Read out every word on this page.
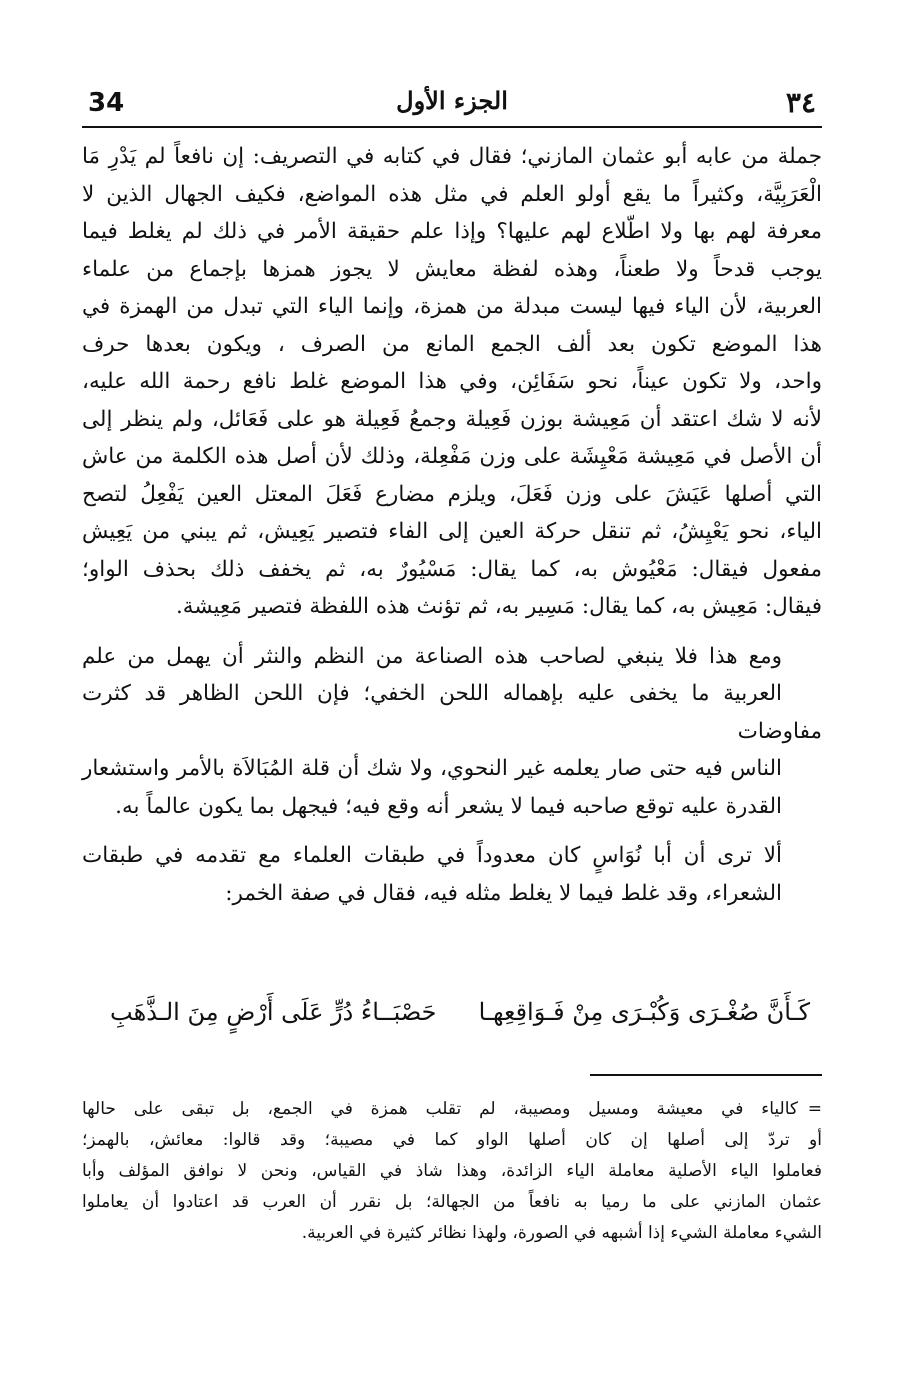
34	الجزء الأول	٣٤

جملة من عابه أبو عثمان المازني؛ فقال في كتابه في التصريف: إن نافعاً لم يَدْرِ مَا
الْعَرَبِيَّة، وكثيراً ما يقع أولو العلم في مثل هذه المواضع، فكيف الجهال الذين لا
معرفة لهم بها ولا اطّلاع لهم عليها؟ وإذا علم حقيقة الأمر في ذلك لم يغلط فيما
يوجب قدحاً ولا طعناً، وهذه لفظة معايش لا يجوز همزها بإجماع من علماء
العربية، لأن الياء فيها ليست مبدلة من همزة، وإنما الياء التي تبدل من الهمزة في
هذا الموضع تكون بعد ألف الجمع المانع من الصرف ، ويكون بعدها حرف
واحد، ولا تكون عيناً، نحو سَفَائِن، وفي هذا الموضع غلط نافع رحمة الله عليه،
لأنه لا شك اعتقد أن مَعِيشة بوزن فَعِيلة وجمعُ فَعِيلة هو على فَعَائل، ولم ينظر إلى
أن الأصل في مَعِيشة مَعْيِشَة على وزن مَفْعِلة، وذلك لأن أصل هذه الكلمة من عاش
التي أصلها عَيَشَ على وزن فَعَلَ، ويلزم مضارع فَعَلَ المعتل العين يَفْعِلُ لتصح
الياء، نحو يَعْيِشُ، ثم تنقل حركة العين إلى الفاء فتصير يَعِيش، ثم يبني من يَعِيش
مفعول فيقال: مَعْيُوش به، كما يقال: مَسْيُورٌ به، ثم يخفف ذلك بحذف الواو؛
فيقال: مَعِيش به، كما يقال: مَسِير به، ثم تؤنث هذه اللفظة فتصير مَعِيشة.

ومع هذا فلا ينبغي لصاحب هذه الصناعة من النظم والنثر أن يهمل من علم
العربية ما يخفى عليه بإهماله اللحن الخفي؛ فإن اللحن الظاهر قد كثرت مفاوضات
الناس فيه حتى صار يعلمه غير النحوي، ولا شك أن قلة المُبَالاَة بالأمر واستشعار
القدرة عليه توقع صاحبه فيما لا يشعر أنه وقع فيه؛ فيجهل بما يكون عالماً به.

ألا ترى أن أبا نُوَاسٍ كان معدوداً في طبقات العلماء مع تقدمه في طبقات
الشعراء، وقد غلط فيما لا يغلط مثله فيه، فقال في صفة الخمر:

كَـأَنَّ صُغْـرَى وَكُبْـرَى مِنْ فَـوَاقِعِهـا
حَصْبَــاءُ دُرٍّ عَلَى أَرْضٍ مِنَ الـذَّهَبِ
=
كالياء في معيشة ومسيل ومصيبة، لم تقلب همزة في الجمع، بل تبقى على حالها
أو تردّ إلى أصلها إن كان أصلها الواو كما في مصيبة؛ وقد قالوا: معائش، بالهمز؛
فعاملوا الياء الأصلية معاملة الياء الزائدة، وهذا شاذ في القياس، ونحن لا نوافق المؤلف وأبا
عثمان المازني على ما رميا به نافعاً من الجهالة؛ بل نقرر أن العرب قد اعتادوا أن يعاملوا
الشيء معاملة الشيء إذا أشبهه في الصورة، ولهذا نظائر كثيرة في العربية.
